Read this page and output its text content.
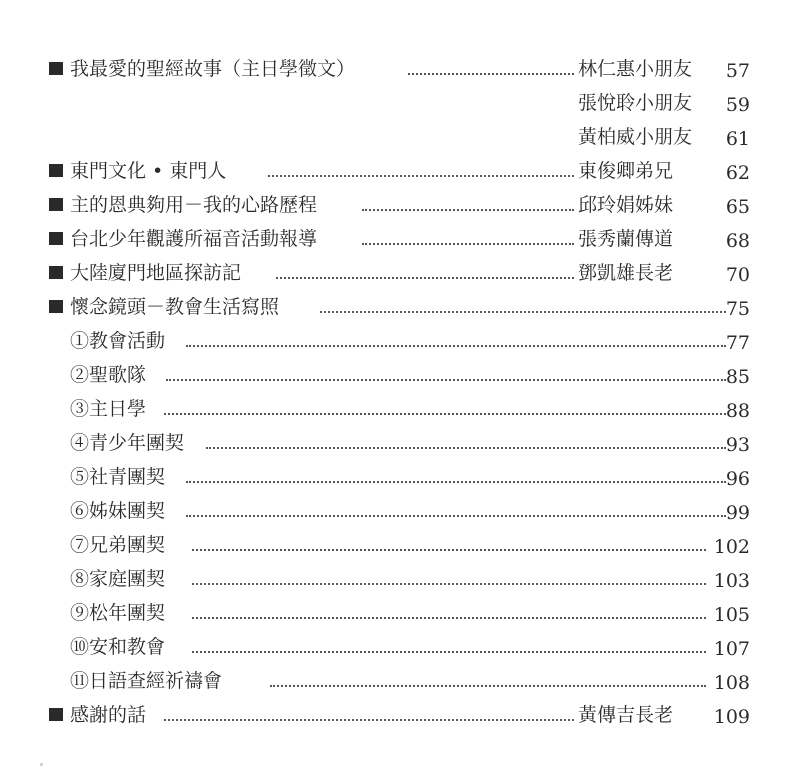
我最愛的聖經故事（主日學徵文）	林仁惠小朋友 57
張悅聆小朋友 59
黃柏威小朋友 61
東門文化 • 東門人	東俊卿弟兄	62
主的恩典夠用－我的心路歷程	邱玲娟姊妹	65
台北少年觀護所福音活動報導	張秀蘭傳道	68
大陸廈門地區探訪記	鄧凱雄長老	70
懷念鏡頭－教會生活寫照	75
①教會活動	77
②聖歌隊	85
③主日學	88
④青少年團契	93
⑤社青團契	96
⑥姊妹團契	99
⑦兄弟團契	102
⑧家庭團契	103
⑨松年團契	105
⑩安和教會	107
⑪日語查經祈禱會	108
感謝的話	黃傳吉長老 109
